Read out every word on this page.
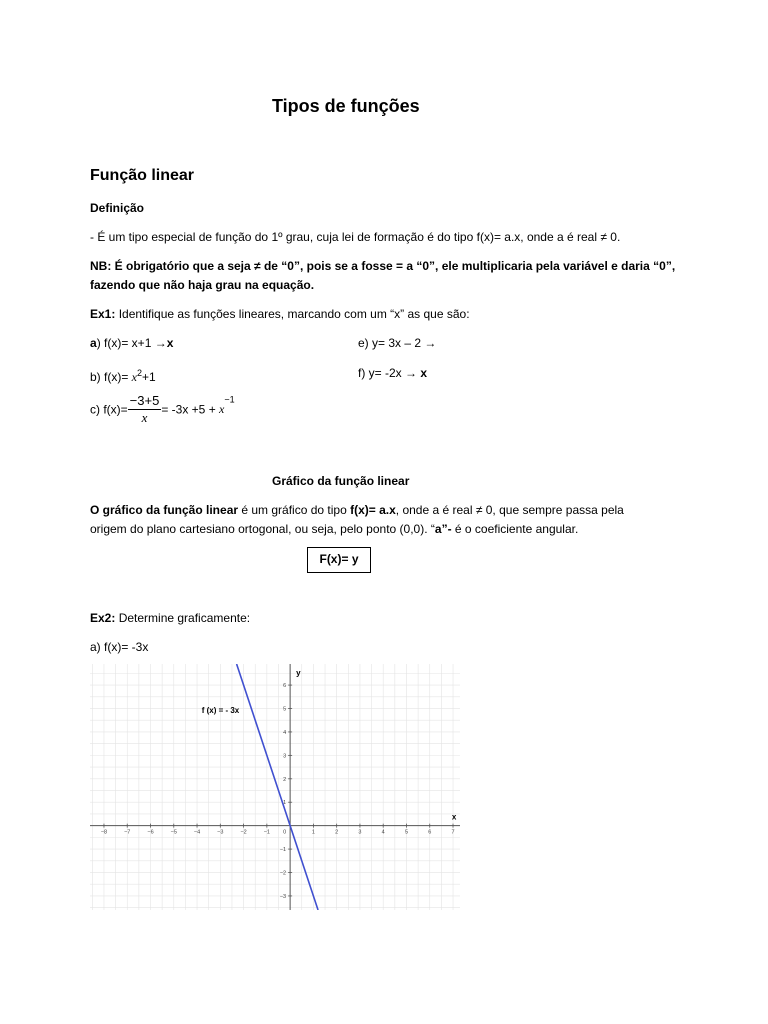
Tipos de funções
Função linear
Definição
- É um tipo especial de função do 1º grau, cuja lei de formação é do tipo f(x)= a.x, onde a é real ≠ 0.
NB: É obrigatório que a seja ≠ de “0”, pois se a fosse = a “0”, ele multiplicaria pela variável e daria “0”,
fazendo que não haja grau na equação.
Ex1: Identifique as funções lineares, marcando com um “x” as que são:
a) f(x)= x+1 →x	e) y= 3x – 2 →
b) $f(x)= x^2+1$	f) y= -2x → x
c) $f(x)= \frac{-3+5}{x} = -3x +5 + x^{-1}$
Gráfico da função linear
O gráfico da função linear é um gráfico do tipo f(x)= a.x, onde a é real ≠ 0, que sempre passa pela
origem do plano cartesiano ortogonal, ou seja, pelo ponto (0,0). “a”- é o coeficiente angular.
F(x)= y
Ex2: Determine graficamente:
a) f(x)= -3x
−8	−7	−6	−5	−4	−3	−2	−1	1	2	3	4	5	6	7
−3
−2
−1
1
2
3
4
5
6
0
x
y
f (x) = - 3x
